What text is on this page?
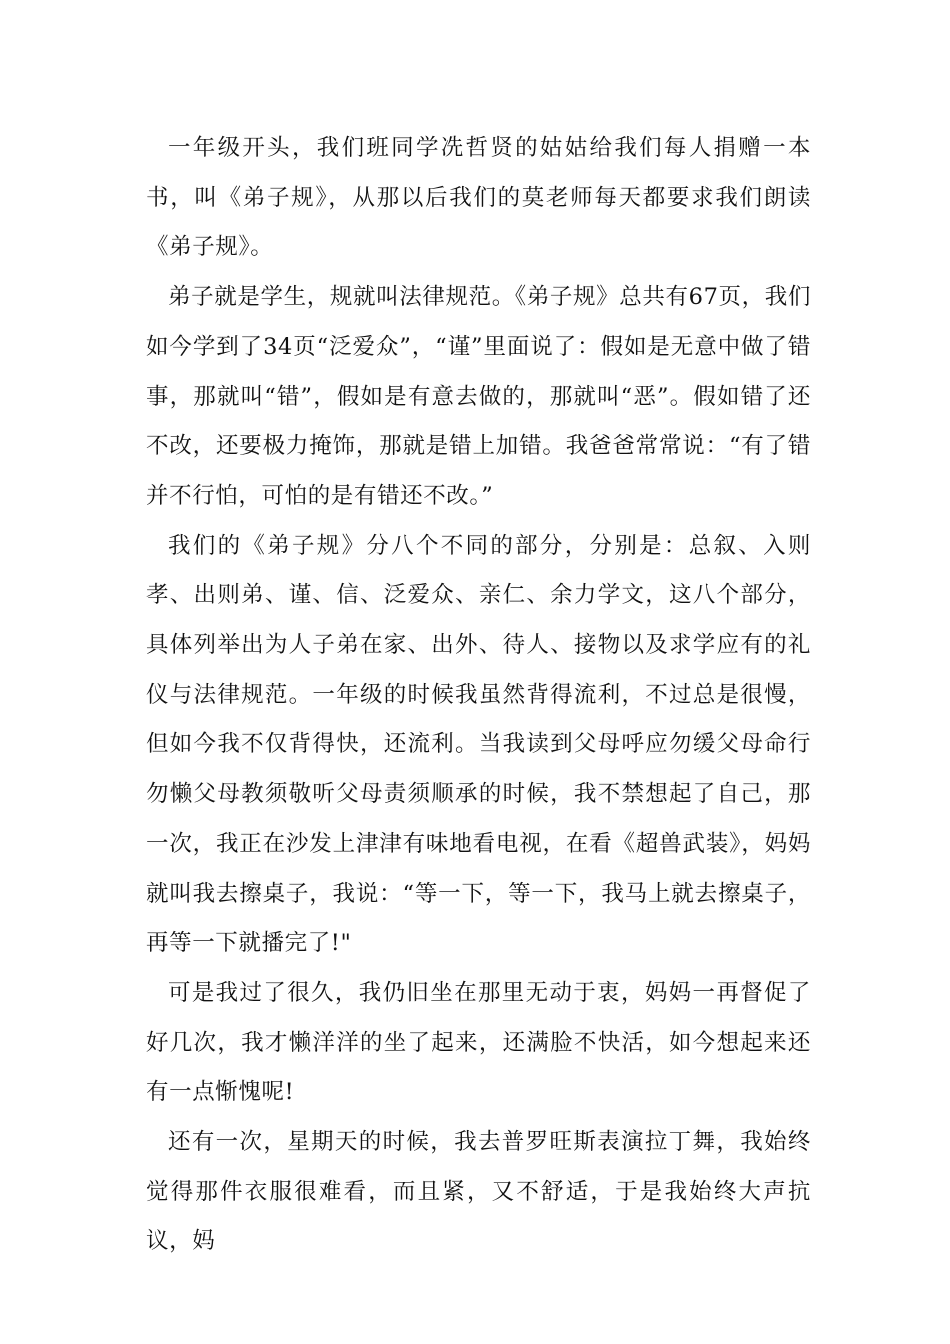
一年级开头，我们班同学冼哲贤的姑姑给我们每人捐赠一本书，叫《弟子规》，从那以后我们的莫老师每天都要求我们朗读《弟子规》。

弟子就是学生，规就叫法律规范。《弟子规》总共有67页，我们如今学到了34页“泛爱众”，“谨”里面说了：假如是无意中做了错事，那就叫“错”，假如是有意去做的，那就叫“恶”。假如错了还不改，还要极力掩饰，那就是错上加错。我爸爸常常说：“有了错并不行怕，可怕的是有错还不改。”

我们的《弟子规》分八个不同的部分，分别是：总叙、入则孝、出则弟、谨、信、泛爱众、亲仁、余力学文，这八个部分，具体列举出为人子弟在家、出外、待人、接物以及求学应有的礼仪与法律规范。一年级的时候我虽然背得流利，不过总是很慢，但如今我不仅背得快，还流利。当我读到父母呼应勿缓父母命行勿懒父母教须敬听父母责须顺承的时候，我不禁想起了自己，那一次，我正在沙发上津津有味地看电视，在看《超兽武装》，妈妈就叫我去擦桌子，我说：“等一下，等一下，我马上就去擦桌子，再等一下就播完了!"

可是我过了很久，我仍旧坐在那里无动于衷，妈妈一再督促了好几次，我才懒洋洋的坐了起来，还满脸不快活，如今想起来还有一点惭愧呢!

还有一次，星期天的时候，我去普罗旺斯表演拉丁舞，我始终觉得那件衣服很难看，而且紧，又不舒适，于是我始终大声抗议，妈
